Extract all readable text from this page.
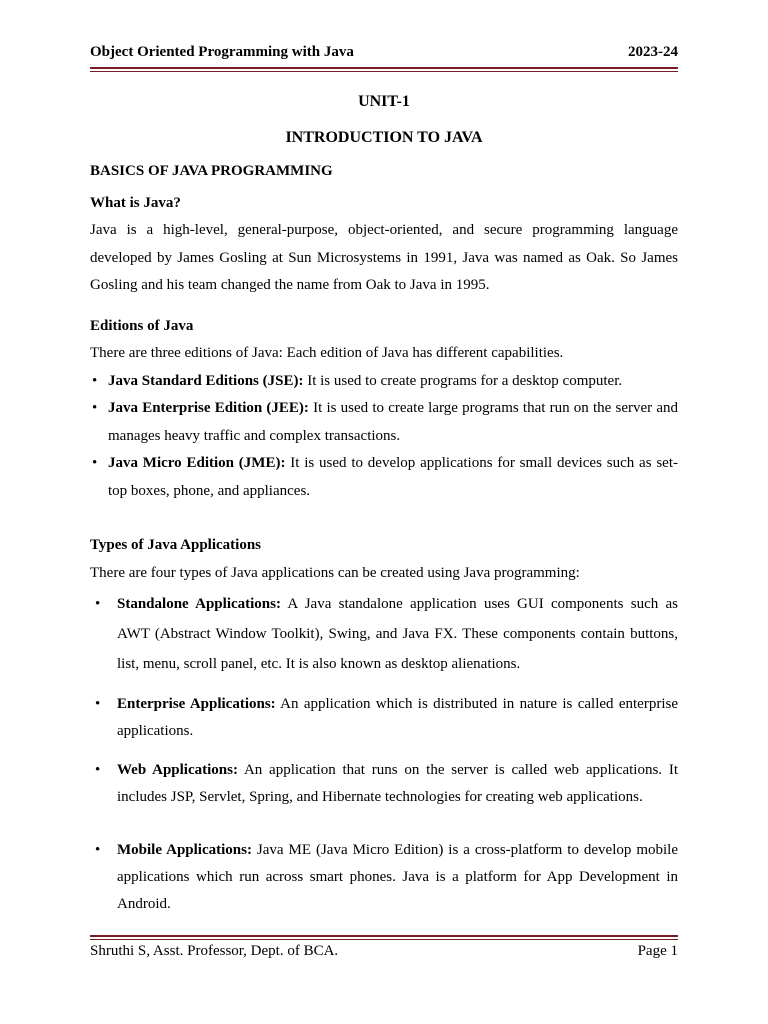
Object Oriented Programming with Java	2023-24
UNIT-1
INTRODUCTION TO JAVA
BASICS OF JAVA PROGRAMMING
What is Java?

Java is a high-level, general-purpose, object-oriented, and secure programming language developed by James Gosling at Sun Microsystems in 1991, Java was named as Oak. So James Gosling and his team changed the name from Oak to Java in 1995.

Editions of Java

There are three editions of Java: Each edition of Java has different capabilities.

• Java Standard Editions (JSE): It is used to create programs for a desktop computer.
• Java Enterprise Edition (JEE): It is used to create large programs that run on the server and manages heavy traffic and complex transactions.
• Java Micro Edition (JME): It is used to develop applications for small devices such as set-top boxes, phone, and appliances.
Types of Java Applications

There are four types of Java applications can be created using Java programming:

• Standalone Applications: A Java standalone application uses GUI components such as AWT (Abstract Window Toolkit), Swing, and Java FX. These components contain buttons, list, menu, scroll panel, etc. It is also known as desktop alienations.
• Enterprise Applications: An application which is distributed in nature is called enterprise applications.
• Web Applications: An application that runs on the server is called web applications. It includes JSP, Servlet, Spring, and Hibernate technologies for creating web applications.
• Mobile Applications: Java ME (Java Micro Edition) is a cross-platform to develop mobile applications which run across smart phones. Java is a platform for App Development in Android.
Shruthi S, Asst. Professor, Dept. of BCA.	Page 1
